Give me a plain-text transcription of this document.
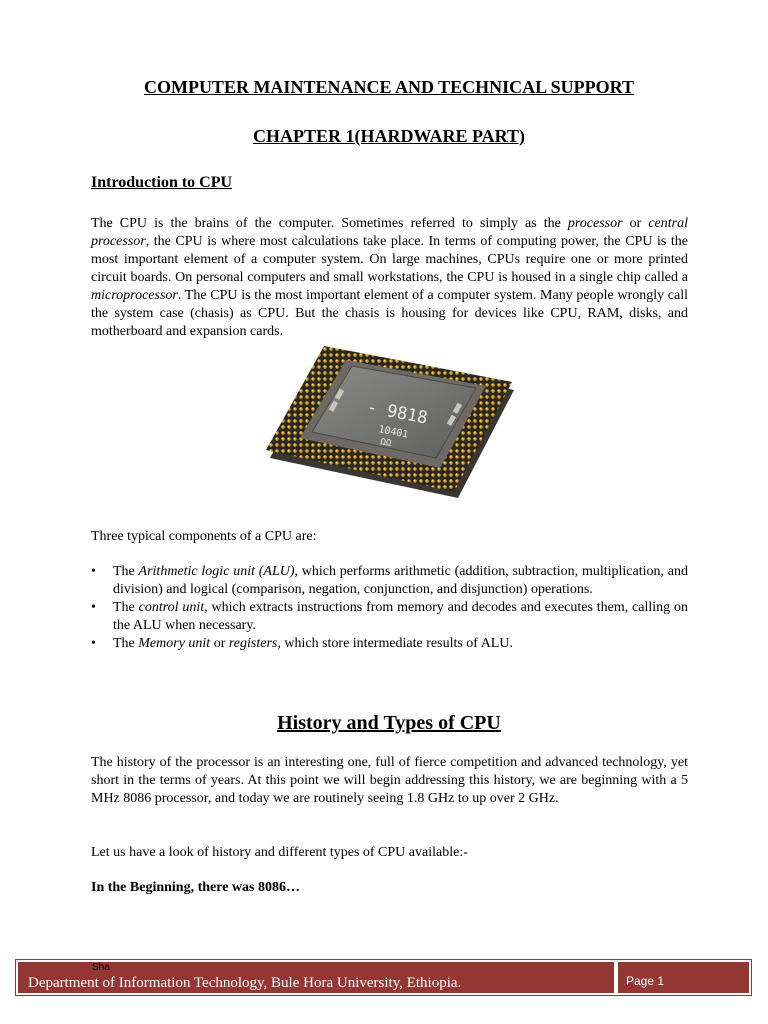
COMPUTER MAINTENANCE AND TECHNICAL SUPPORT
CHAPTER 1(HARDWARE PART)
Introduction to CPU

The CPU is the brains of the computer. Sometimes referred to simply as the processor or central processor, the CPU is where most calculations take place. In terms of computing power, the CPU is the most important element of a computer system. On large machines, CPUs require one or more printed circuit boards. On personal computers and small workstations, the CPU is housed in a single chip called a microprocessor. The CPU is the most important element of a computer system. Many people wrongly call the system case (chasis) as CPU. But the chasis is housing for devices like CPU, RAM, disks, and motherboard and expansion cards.

- 9818
10401
ΩΩ

Three typical components of a CPU are:

• The Arithmetic logic unit (ALU), which performs arithmetic (addition, subtraction, multiplication, and division) and logical (comparison, negation, conjunction, and disjunction) operations.
• The control unit, which extracts instructions from memory and decodes and executes them, calling on the ALU when necessary.
• The Memory unit or registers, which store intermediate results of ALU.
History and Types of CPU

The history of the processor is an interesting one, full of fierce competition and advanced technology, yet short in the terms of years. At this point we will begin addressing this history, we are beginning with a 5 MHz 8086 processor, and today we are routinely seeing 1.8 GHz to up over 2 GHz.

Let us have a look of history and different types of CPU available:-

In the Beginning, there was 8086…

Department of Information Technology, Bule Hora University, Ethiopia.	Page 1
Sha
